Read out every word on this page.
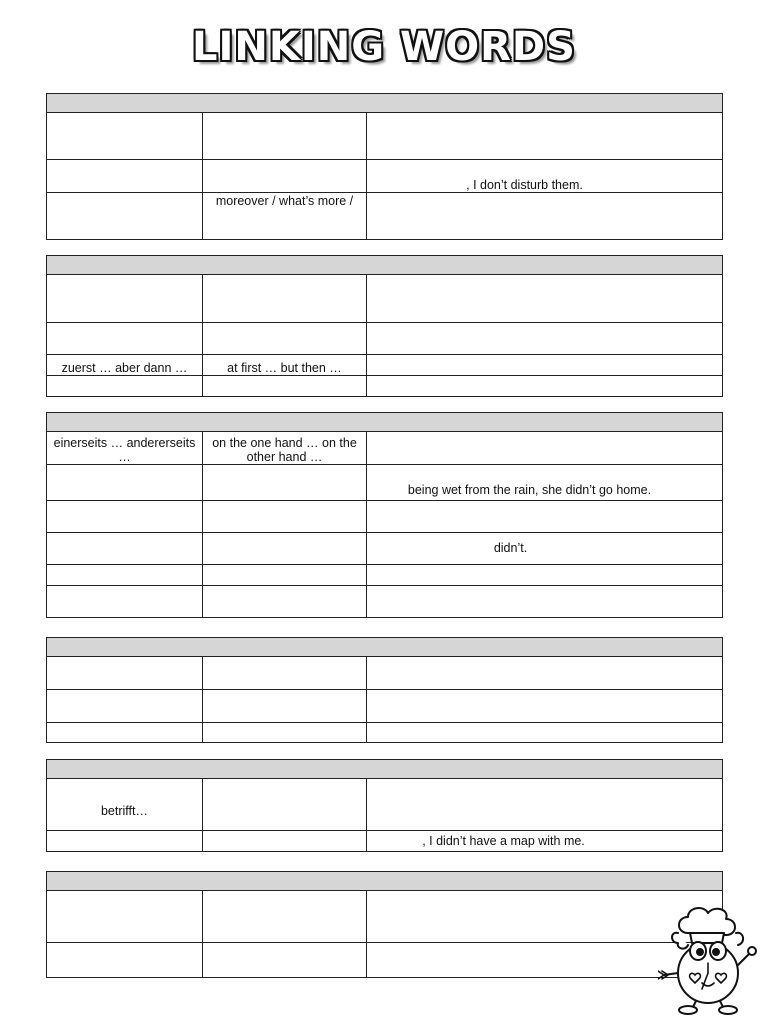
LINKING WORDS

		, I don’t disturb them.
	moreover / what’s more /	

zuerst … aber dann …	at first … but then …	

einerseits … andererseits …	on the one hand … on the other hand …	
		being wet from the rain, she didn’t go home.

		didn’t.

betrifft…		
		, I didn’t have a map with me.
